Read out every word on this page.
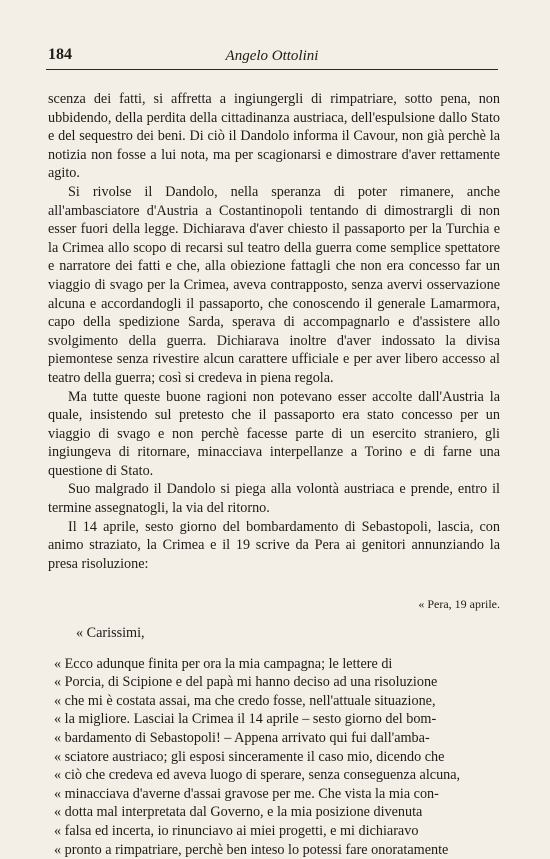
184	Angelo Ottolini

scenza dei fatti, si affretta a ingiungergli di rimpatriare, sotto pena, non ubbidendo, della perdita della cittadinanza austriaca, dell'espulsione dallo Stato e del sequestro dei beni. Di ciò il Dandolo informa il Cavour, non già perchè la notizia non fosse a lui nota, ma per scagionarsi e dimostrare d'aver rettamente agito.

Si rivolse il Dandolo, nella speranza di poter rimanere, anche all'ambasciatore d'Austria a Costantinopoli tentando di dimostrargli di non esser fuori della legge. Dichiarava d'aver chiesto il passaporto per la Turchia e la Crimea allo scopo di recarsi sul teatro della guerra come semplice spettatore e narratore dei fatti e che, alla obiezione fattagli che non era concesso far un viaggio di svago per la Crimea, aveva contrapposto, senza avervi osservazione alcuna e accordandogli il passaporto, che conoscendo il generale Lamarmora, capo della spedizione Sarda, sperava di accompagnarlo e d'assistere allo svolgimento della guerra. Dichiarava inoltre d'aver indossato la divisa piemontese senza rivestire alcun carattere ufficiale e per aver libero accesso al teatro della guerra; così si credeva in piena regola.

Ma tutte queste buone ragioni non potevano esser accolte dall'Austria la quale, insistendo sul pretesto che il passaporto era stato concesso per un viaggio di svago e non perchè facesse parte di un esercito straniero, gli ingiungeva di ritornare, minacciava interpellanze a Torino e di farne una questione di Stato.

Suo malgrado il Dandolo si piega alla volontà austriaca e prende, entro il termine assegnatogli, la via del ritorno.

Il 14 aprile, sesto giorno del bombardamento di Sebastopoli, lascia, con animo straziato, la Crimea e il 19 scrive da Pera ai genitori annunziando la presa risoluzione:

« Pera, 19 aprile.
« Carissimi,
« Ecco adunque finita per ora la mia campagna; le lettere di
« Porcia, di Scipione e del papà mi hanno deciso ad una risoluzione
« che mi è costata assai, ma che credo fosse, nell'attuale situazione,
« la migliore. Lasciai la Crimea il 14 aprile – sesto giorno del bom-
« bardamento di Sebastopoli! – Appena arrivato qui fui dall'amba-
« sciatore austriaco; gli esposi sinceramente il caso mio, dicendo che
« ciò che credeva ed aveva luogo di sperare, senza conseguenza alcuna,
« minacciava d'averne d'assai gravose per me. Che vista la mia con-
« dotta mal interpretata dal Governo, e la mia posizione divenuta
« falsa ed incerta, io rinunciavo ai miei progetti, e mi dichiaravo
« pronto a rimpatriare, perchè ben inteso lo potessi fare onoratamente
